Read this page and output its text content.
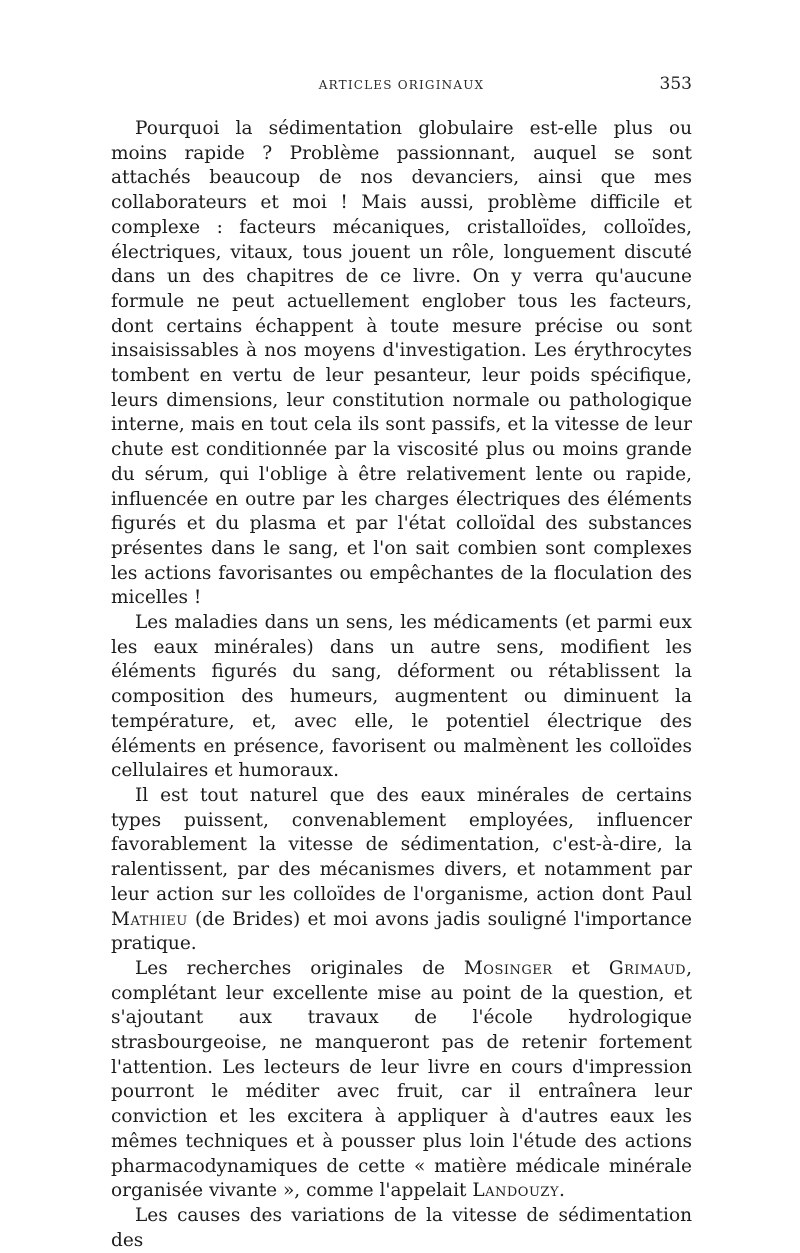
ARTICLES ORIGINAUX	353

Pourquoi la sédimentation globulaire est-elle plus ou moins rapide ? Problème passionnant, auquel se sont attachés beaucoup de nos devanciers, ainsi que mes collaborateurs et moi ! Mais aussi, problème difficile et complexe : facteurs mécaniques, cristalloïdes, colloïdes, électriques, vitaux, tous jouent un rôle, longuement discuté dans un des chapitres de ce livre. On y verra qu'aucune formule ne peut actuellement englober tous les facteurs, dont certains échappent à toute mesure précise ou sont insaisissables à nos moyens d'investigation. Les érythrocytes tombent en vertu de leur pesanteur, leur poids spécifique, leurs dimensions, leur constitution normale ou pathologique interne, mais en tout cela ils sont passifs, et la vitesse de leur chute est conditionnée par la viscosité plus ou moins grande du sérum, qui l'oblige à être relativement lente ou rapide, influencée en outre par les charges électriques des éléments figurés et du plasma et par l'état colloïdal des substances présentes dans le sang, et l'on sait combien sont complexes les actions favorisantes ou empêchantes de la floculation des micelles !

Les maladies dans un sens, les médicaments (et parmi eux les eaux minérales) dans un autre sens, modifient les éléments figurés du sang, déforment ou rétablissent la composition des humeurs, augmentent ou diminuent la température, et, avec elle, le potentiel électrique des éléments en présence, favorisent ou malmènent les colloïdes cellulaires et humoraux.

Il est tout naturel que des eaux minérales de certains types puissent, convenablement employées, influencer favorablement la vitesse de sédimentation, c'est-à-dire, la ralentissent, par des mécanismes divers, et notamment par leur action sur les colloïdes de l'organisme, action dont Paul Mathieu (de Brides) et moi avons jadis souligné l'importance pratique.

Les recherches originales de Mosinger et Grimaud, complétant leur excellente mise au point de la question, et s'ajoutant aux travaux de l'école hydrologique strasbourgeoise, ne manqueront pas de retenir fortement l'attention. Les lecteurs de leur livre en cours d'impression pourront le méditer avec fruit, car il entraînera leur conviction et les excitera à appliquer à d'autres eaux les mêmes techniques et à pousser plus loin l'étude des actions pharmacodynamiques de cette « matière médicale minérale organisée vivante », comme l'appelait Landouzy.

Les causes des variations de la vitesse de sédimentation des
